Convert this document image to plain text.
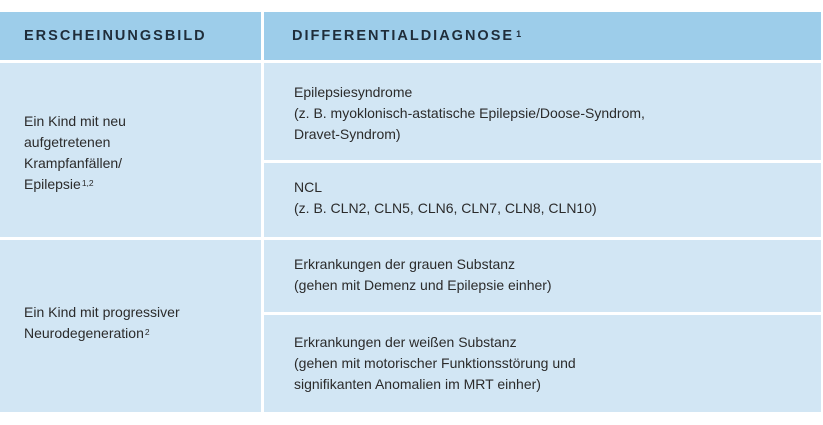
ERSCHEINUNGSBILD	DIFFERENTIALDIAGNOSE$^1$
Ein Kind mit neu
aufgetretenen
Krampfanfällen/
Epilepsie$^{1,2}$
Epilepsiesyndrome
(z. B. myoklonisch-astatische Epilepsie/Doose-Syndrom,
Dravet-Syndrom)
NCL
(z. B. CLN2, CLN5, CLN6, CLN7, CLN8, CLN10)
Ein Kind mit progressiver
Neurodegeneration$^2$
Erkrankungen der grauen Substanz
(gehen mit Demenz und Epilepsie einher)
Erkrankungen der weißen Substanz
(gehen mit motorischer Funktionsstörung und
signifikanten Anomalien im MRT einher)
